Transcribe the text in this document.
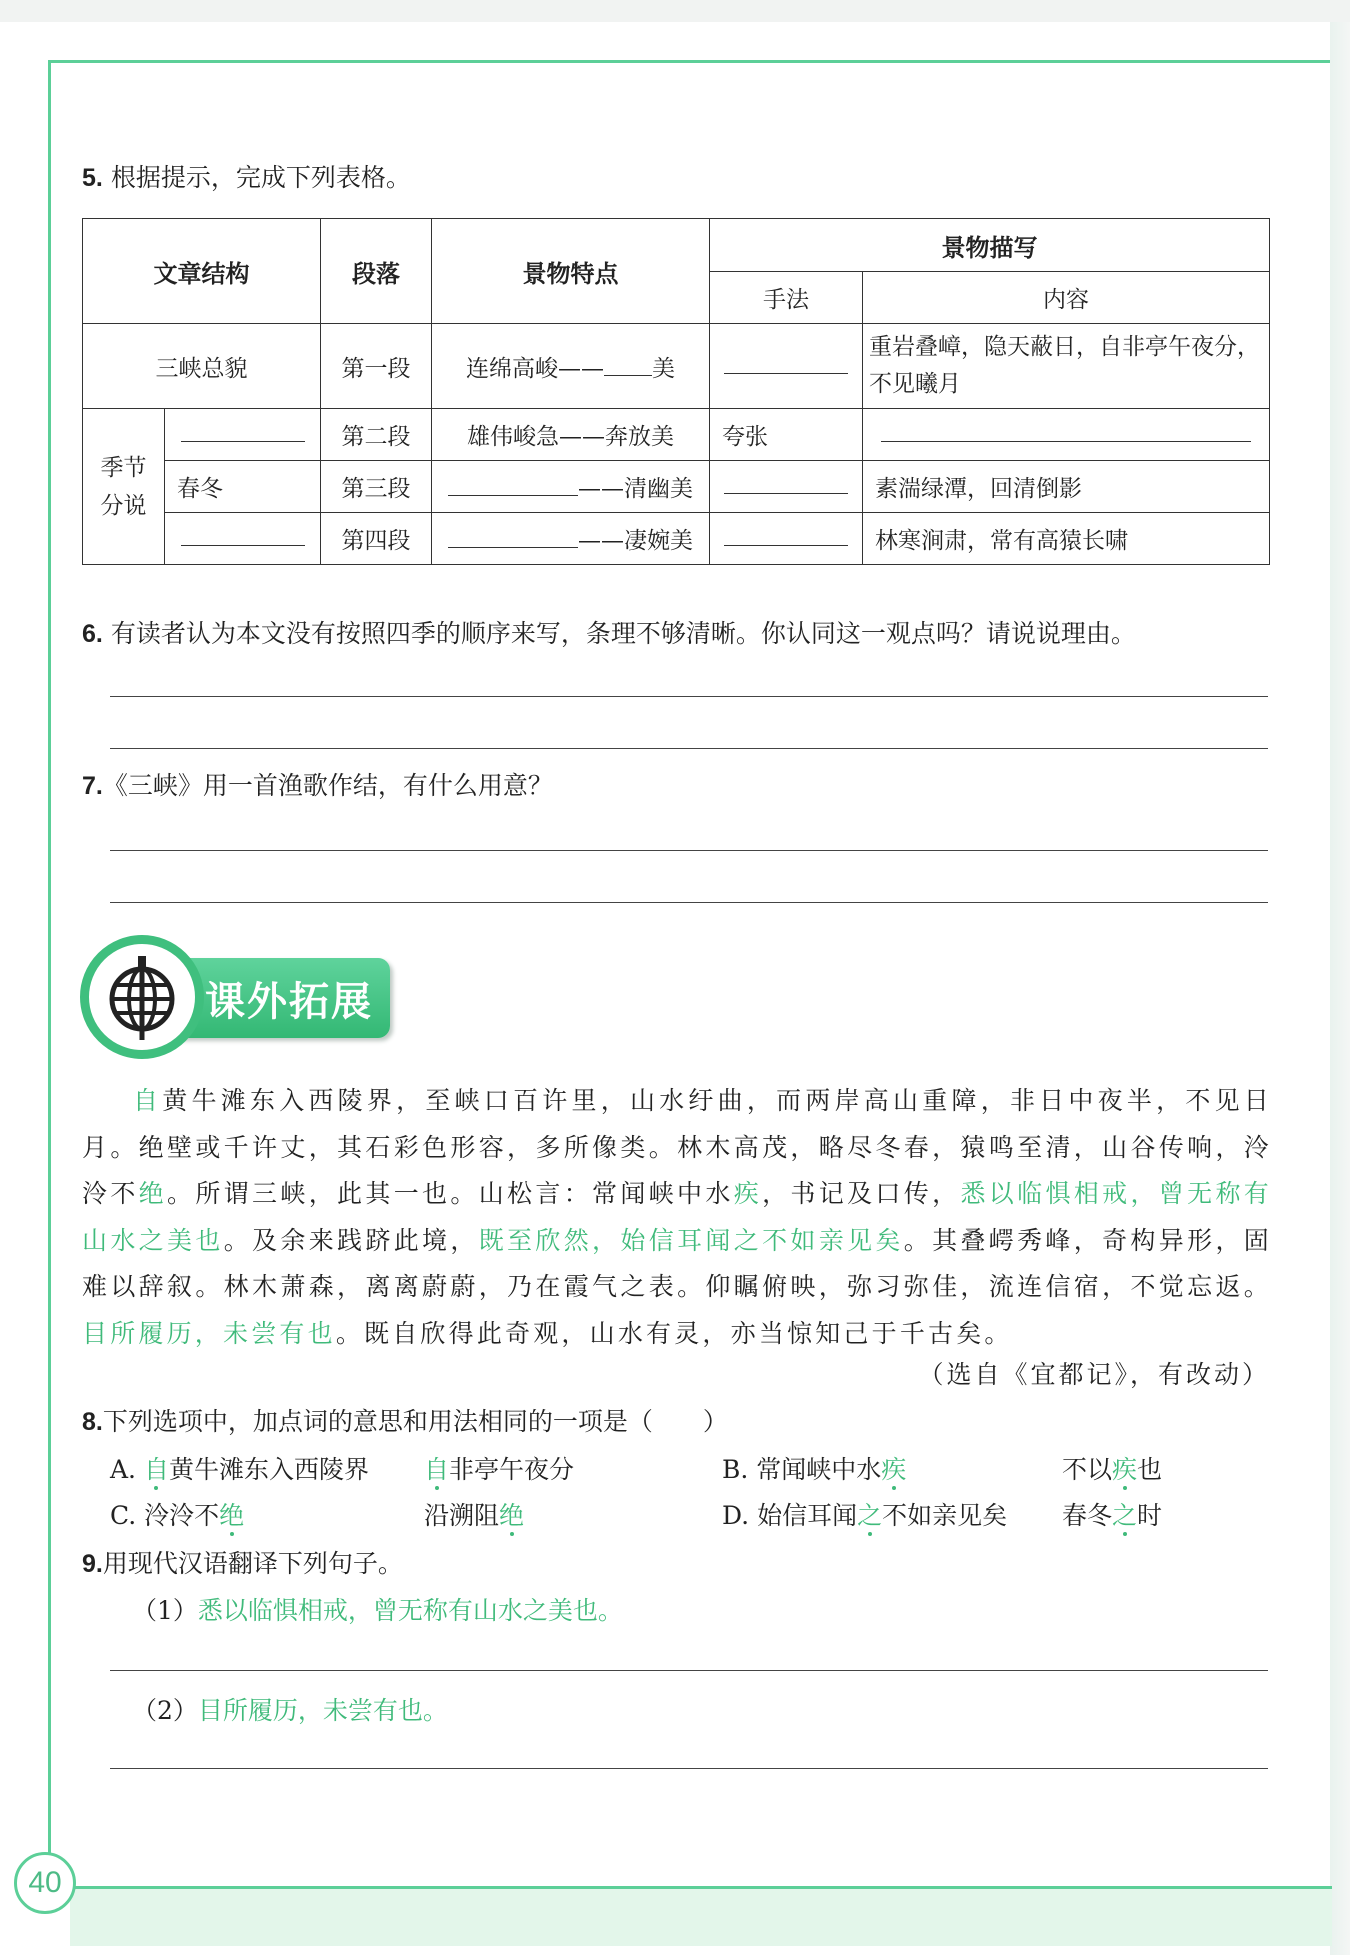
40
5. 根据提示，完成下列表格。
文章结构		段落	景物特点	景物描写	
				手法	内容
三峡总貌		第一段	连绵高峻—— 美		重岩叠嶂，隐天蔽日，自非亭午夜分，不见曦月
季节分说		第二段	雄伟峻急——奔放美	夸张	
	春冬	第三段	——清幽美		素湍绿潭，回清倒影
		第四段	——凄婉美		林寒涧肃，常有高猿长啸
6. 有读者认为本文没有按照四季的顺序来写，条理不够清晰。你认同这一观点吗？请说说理由。
7.《三峡》用一首渔歌作结，有什么用意？
课外拓展
自黄牛滩东入西陵界，至峡口百许里，山水纡曲，而两岸高山重障，非日中夜半，不见日月。绝壁或千许丈，其石彩色形容，多所像类。林木高茂，略尽冬春，猿鸣至清，山谷传响，泠泠不绝。所谓三峡，此其一也。山松言：常闻峡中水疾，书记及口传，悉以临惧相戒，曾无称有山水之美也。及余来践跻此境，既至欣然，始信耳闻之不如亲见矣。其叠崿秀峰，奇构异形，固难以辞叙。林木萧森，离离蔚蔚，乃在霞气之表。仰瞩俯映，弥习弥佳，流连信宿，不觉忘返。目所履历，未尝有也。既自欣得此奇观，山水有灵，亦当惊知己于千古矣。
（选自《宜都记》，有改动）
8.下列选项中，加点词的意思和用法相同的一项是（　　）
A. 自黄牛滩东入西陵界 自非亭午夜分	B. 常闻峡中水疾	不以疾也
C. 泠泠不绝	沿溯阻绝	D. 始信耳闻之不如亲见矣 春冬之时
9.用现代汉语翻译下列句子。
（1）悉以临惧相戒，曾无称有山水之美也。
（2）目所履历，未尝有也。
